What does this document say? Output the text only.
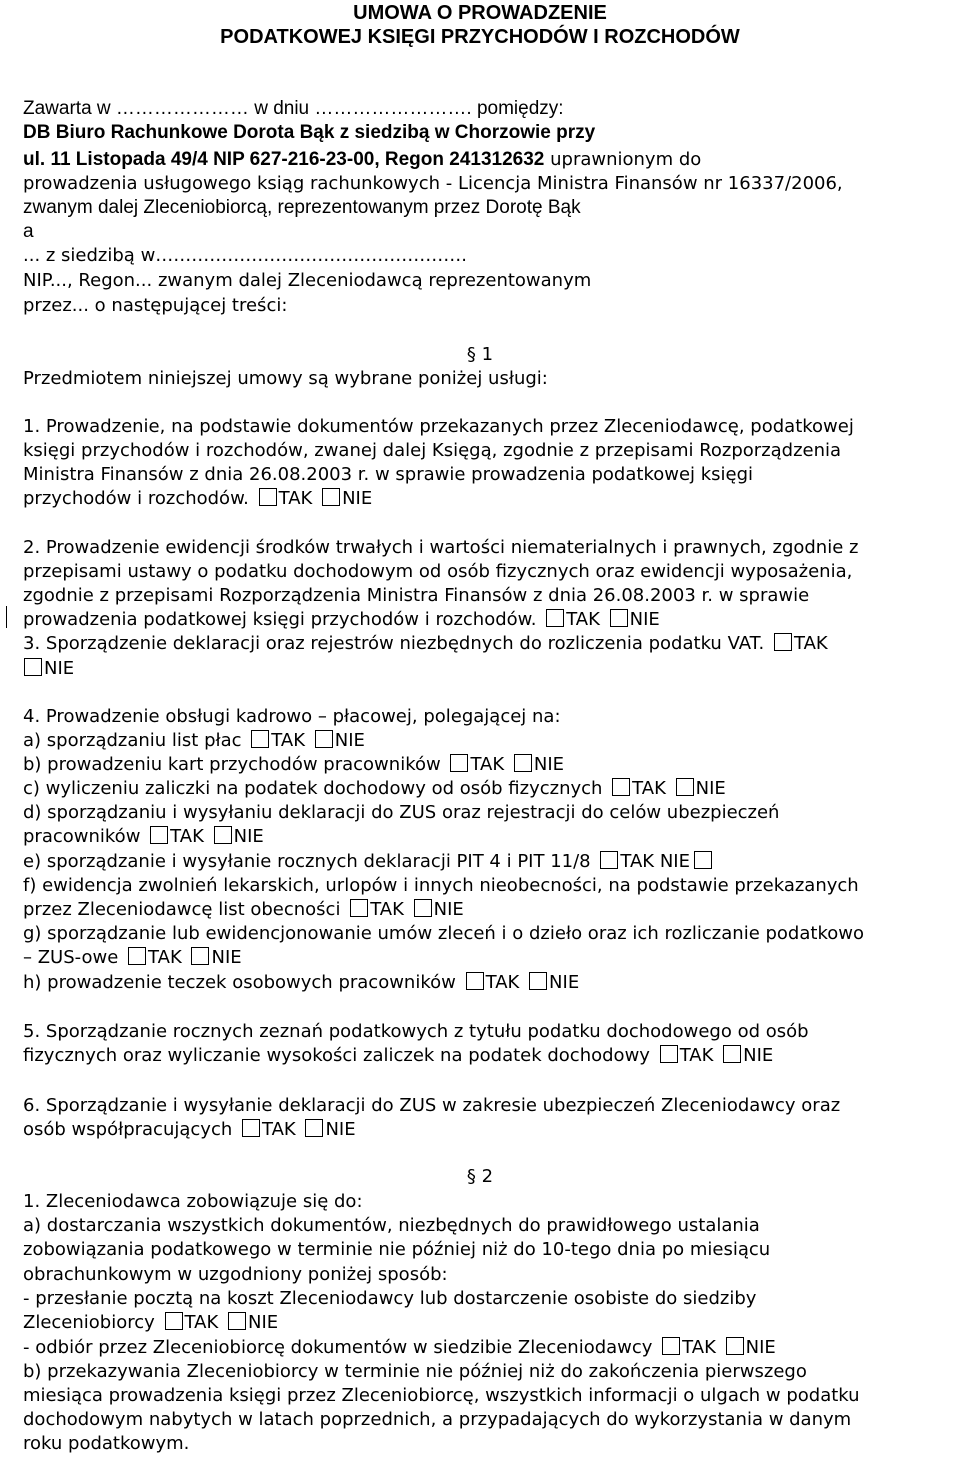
UMOWA O PROWADZENIE
PODATKOWEJ KSIĘGI PRZYCHODÓW I ROZCHODÓW
Zawarta w ………………… w dniu ……………………. pomiędzy:
DB Biuro Rachunkowe Dorota Bąk z siedzibą w Chorzowie przy
ul. 11 Listopada 49/4 NIP 627-216-23-00, Regon 241312632 uprawnionym do
prowadzenia usługowego ksiąg rachunkowych - Licencja Ministra Finansów nr 16337/2006,
zwanym dalej Zleceniobiorcą, reprezentowanym przez Dorotę Bąk
a
... z siedzibą w…………………………………………….
NIP..., Regon... zwanym dalej Zleceniodawcą reprezentowanym
przez... o następującej treści:
§ 1
Przedmiotem niniejszej umowy są wybrane poniżej usługi:
1. Prowadzenie, na podstawie dokumentów przekazanych przez Zleceniodawcę, podatkowej
księgi przychodów i rozchodów, zwanej dalej Księgą, zgodnie z przepisami Rozporządzenia
Ministra Finansów z dnia 26.08.2003 r. w sprawie prowadzenia podatkowej księgi
przychodów i rozchodów. TAK NIE
2. Prowadzenie ewidencji środków trwałych i wartości niematerialnych i prawnych, zgodnie z
przepisami ustawy o podatku dochodowym od osób fizycznych oraz ewidencji wyposażenia,
zgodnie z przepisami Rozporządzenia Ministra Finansów z dnia 26.08.2003 r. w sprawie
prowadzenia podatkowej księgi przychodów i rozchodów. TAK NIE
3. Sporządzenie deklaracji oraz rejestrów niezbędnych do rozliczenia podatku VAT. TAK
NIE
4. Prowadzenie obsługi kadrowo – płacowej, polegającej na:
a) sporządzaniu list płac TAK NIE
b) prowadzeniu kart przychodów pracowników TAK NIE
c) wyliczeniu zaliczki na podatek dochodowy od osób fizycznych TAK NIE
d) sporządzaniu i wysyłaniu deklaracji do ZUS oraz rejestracji do celów ubezpieczeń
pracowników TAK NIE
e) sporządzanie i wysyłanie rocznych deklaracji PIT 4 i PIT 11/8 TAK NIE
f) ewidencja zwolnień lekarskich, urlopów i innych nieobecności, na podstawie przekazanych
przez Zleceniodawcę list obecności TAK NIE
g) sporządzanie lub ewidencjonowanie umów zleceń i o dzieło oraz ich rozliczanie podatkowo
– ZUS-owe TAK NIE
h) prowadzenie teczek osobowych pracowników TAK NIE
5. Sporządzanie rocznych zeznań podatkowych z tytułu podatku dochodowego od osób
fizycznych oraz wyliczanie wysokości zaliczek na podatek dochodowy TAK NIE
6. Sporządzanie i wysyłanie deklaracji do ZUS w zakresie ubezpieczeń Zleceniodawcy oraz
osób współpracujących TAK NIE
§ 2
1. Zleceniodawca zobowiązuje się do:
a) dostarczania wszystkich dokumentów, niezbędnych do prawidłowego ustalania
zobowiązania podatkowego w terminie nie później niż do 10-tego dnia po miesiącu
obrachunkowym w uzgodniony poniżej sposób:
- przesłanie pocztą na koszt Zleceniodawcy lub dostarczenie osobiste do siedziby
Zleceniobiorcy TAK NIE
- odbiór przez Zleceniobiorcę dokumentów w siedzibie Zleceniodawcy TAK NIE
b) przekazywania Zleceniobiorcy w terminie nie później niż do zakończenia pierwszego
miesiąca prowadzenia księgi przez Zleceniobiorcę, wszystkich informacji o ulgach w podatku
dochodowym nabytych w latach poprzednich, a przypadających do wykorzystania w danym
roku podatkowym.
